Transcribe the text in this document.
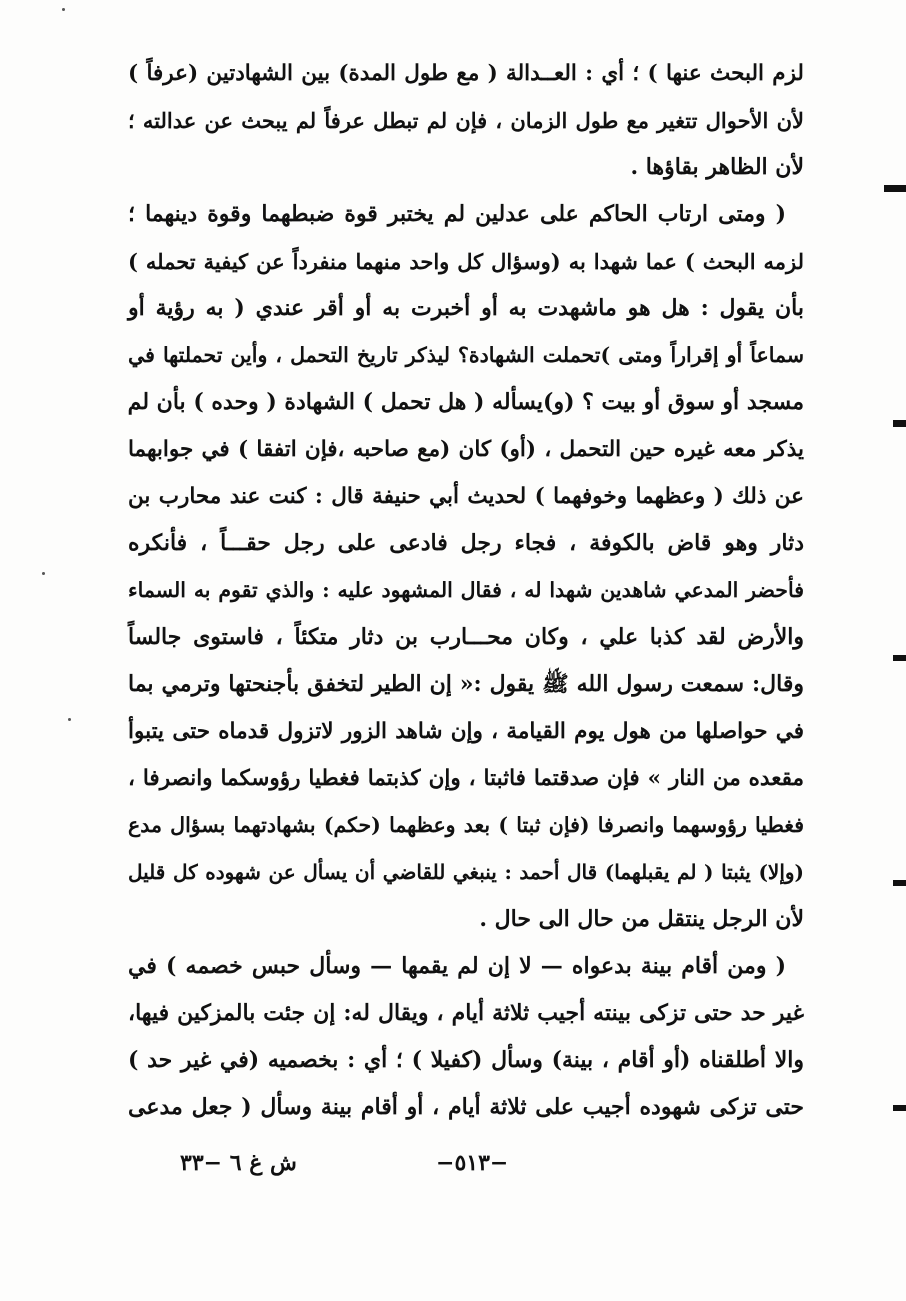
لزم البحث عنها ) ؛ أي : العــدالة ( مع طول المدة) بين الشهادتين (عرفاً )
لأن الأحوال تتغير مع طول الزمان ، فإن لم تبطل عرفاً لم يبحث عن عدالته ؛
لأن الظاهر بقاؤها .
( ومتى ارتاب الحاكم على عدلين لم يختبر قوة ضبطهما وقوة دينهما ؛
لزمه البحث ) عما شهدا به (وسؤال كل واحد منهما منفرداً عن كيفية تحمله )
بأن يقول : هل هو ماشهدت به أو أخبرت به أو أقر عندي ( به رؤية أو
سماعاً أو إقراراً ومتى )تحملت الشهادة؟ ليذكر تاريخ التحمل ، وأين تحملتها في
مسجد أو سوق أو بيت ؟ (و)يسأله ( هل تحمل ) الشهادة ( وحده ) بأن لم
يذكر معه غيره حين التحمل ، (أو) كان (مع صاحبه ،فإن اتفقا ) في جوابهما
عن ذلك ( وعظهما وخوفهما ) لحديث أبي حنيفة قال : كنت عند محارب بن
دثار وهو قاض بالكوفة ، فجاء رجل فادعى على رجل حقـــاً ، فأنكره
فأحضر المدعي شاهدين شهدا له ، فقال المشهود عليه : والذي تقوم به السماء
والأرض لقد كذبا علي ، وكان محـــارب بن دثار متكئاً ، فاستوى جالساً
وقال: سمعت رسول الله ﷺ يقول :« إن الطير لتخفق بأجنحتها وترمي بما
في حواصلها من هول يوم القيامة ، وإن شاهد الزور لاتزول قدماه حتى يتبوأ
مقعده من النار » فإن صدقتما فاثبتا ، وإن كذبتما فغطيا رؤوسكما وانصرفا ،
فغطيا رؤوسهما وانصرفا (فإن ثبتا ) بعد وعظهما (حكم) بشهادتهما بسؤال مدع
(وإلا) يثبتا ( لم يقبلهما) قال أحمد : ينبغي للقاضي أن يسأل عن شهوده كل قليل
لأن الرجل ينتقل من حال الى حال .
( ومن أقام بينة بدعواه — لا إن لم يقمها — وسأل حبس خصمه ) في
غير حد حتى تزكى بينته أجيب ثلاثة أيام ، ويقال له: إن جئت بالمزكين فيها،
والا أطلقناه (أو أقام ، بينة) وسأل (كفيلا ) ؛ أي : بخصميه (في غير حد )
حتى تزكى شهوده أجيب على ثلاثة أيام ، أو أقام بينة وسأل ( جعل مدعى
ش غ ٦ −٣٣	−٥١٣−
